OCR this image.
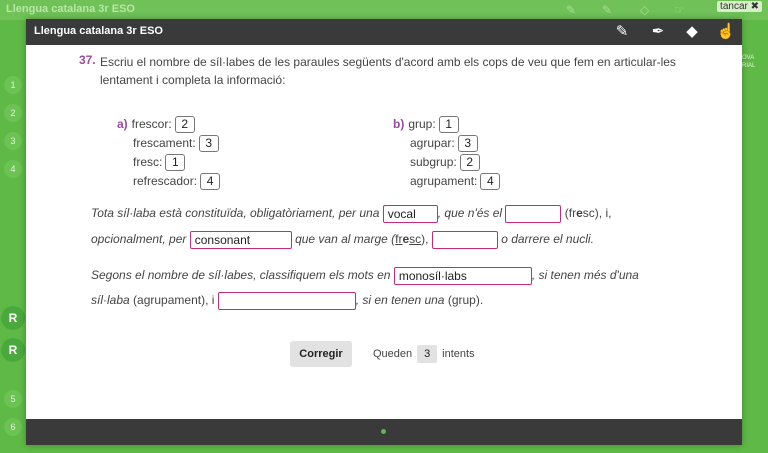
Llengua catalana 3r ESO	✎ ✎ ◇ ☞	tancar ✖
1
2
3
4
R
R
5
6
OVA RIAL
Llengua catalana 3r ESO	✎ ✒ ◆ ☝
37. Escriu el nombre de síl·labes de les paraules següents d'acord amb els cops de veu que fem en articular-les lentament i completa la informació:
a) frescor: 2
frescament: 3
fresc: 1
refrescador: 4
b) grup: 1
agrupar: 3
subgrup: 2
agrupament: 4
Tota síl·laba està constituïda, obligatòriament, per una vocal , que n'és el	(fresc), i,
opcionalment, per consonant	que van al marge (fresc),	o darrere el nucli.
Segons el nombre de síl·labes, classifiquem els mots en monosíl·labs	, si tenen més d'una
síl·laba (agrupament), i	, si en tenen una (grup).
Corregir	Queden 3 intents
